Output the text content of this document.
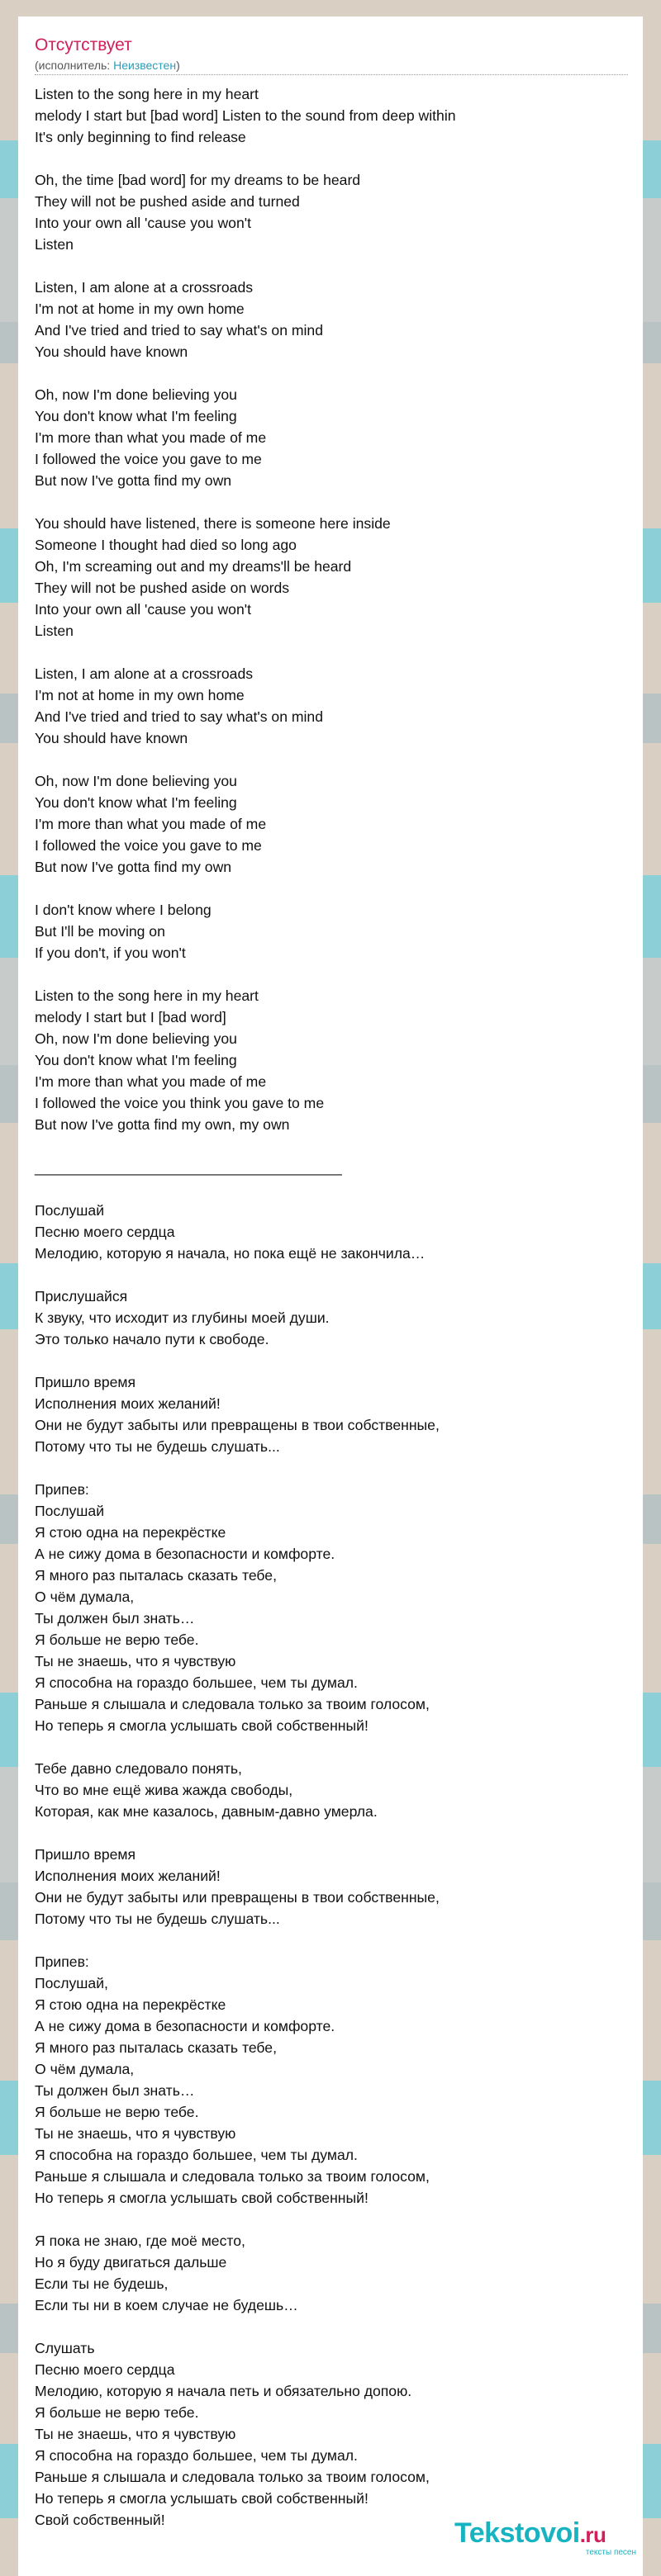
Отсутствует
(исполнитель: Неизвестен)
Listen to the song here in my heart
melody I start but [bad word] Listen to the sound from deep within
It's only beginning to find release

Oh, the time [bad word] for my dreams to be heard
They will not be pushed aside and turned
Into your own all 'cause you won't
Listen

Listen, I am alone at a crossroads
I'm not at home in my own home
And I've tried and tried to say what's on mind
You should have known

Oh, now I'm done believing you
You don't know what I'm feeling
I'm more than what you made of me
I followed the voice you gave to me
But now I've gotta find my own

You should have listened, there is someone here inside
Someone I thought had died so long ago
Oh, I'm screaming out and my dreams'll be heard
They will not be pushed aside on words
Into your own all 'cause you won't
Listen

Listen, I am alone at a crossroads
I'm not at home in my own home
And I've tried and tried to say what's on mind
You should have known

Oh, now I'm done believing you
You don't know what I'm feeling
I'm more than what you made of me
I followed the voice you gave to me
But now I've gotta find my own

I don't know where I belong
But I'll be moving on
If you don't, if you won't

Listen to the song here in my heart
melody I start but I [bad word]
Oh, now I'm done believing you
You don't know what I'm feeling
I'm more than what you made of me
I followed the voice you think you gave to me
But now I've gotta find my own, my own

______________________________________

Послушай
Песню моего сердца
Мелодию, которую я начала, но пока ещё не закончила…

Прислушайся
К звуку, что исходит из глубины моей души.
Это только начало пути к свободе.

Пришло время
Исполнения моих желаний!
Они не будут забыты или превращены в твои собственные,
Потому что ты не будешь слушать...

Припев:
Послушай
Я стою одна на перекрёстке
А не сижу дома в безопасности и комфорте.
Я много раз пыталась сказать тебе,
О чём думала,
Ты должен был знать…
Я больше не верю тебе.
Ты не знаешь, что я чувствую
Я способна на гораздо большее, чем ты думал.
Раньше я слышала и следовала только за твоим голосом,
Но теперь я смогла услышать свой собственный!

Тебе давно следовало понять,
Что во мне ещё жива жажда свободы,
Которая, как мне казалось, давным-давно умерла.

Пришло время
Исполнения моих желаний!
Они не будут забыты или превращены в твои собственные,
Потому что ты не будешь слушать...

Припев:
Послушай,
Я стою одна на перекрёстке
А не сижу дома в безопасности и комфорте.
Я много раз пыталась сказать тебе,
О чём думала,
Ты должен был знать…
Я больше не верю тебе.
Ты не знаешь, что я чувствую
Я способна на гораздо большее, чем ты думал.
Раньше я слышала и следовала только за твоим голосом,
Но теперь я смогла услышать свой собственный!

Я пока не знаю, где моё место,
Но я буду двигаться дальше
Если ты не будешь,
Если ты ни в коем случае не будешь…

Слушать
Песню моего сердца
Мелодию, которую я начала петь и обязательно допою.
Я больше не верю тебе.
Ты не знаешь, что я чувствую
Я способна на гораздо большее, чем ты думал.
Раньше я слышала и следовала только за твоим голосом,
Но теперь я смогла услышать свой собственный!
Свой собственный!	Tekstovoi.ru
тексты песен
